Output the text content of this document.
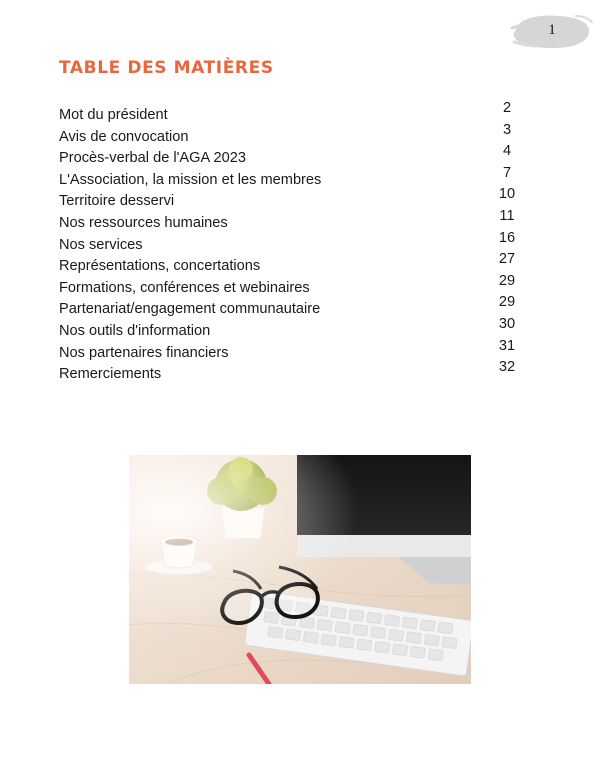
1
TABLE DES MATIÈRES
Mot du président	2
Avis de convocation	3
Procès-verbal de l'AGA 2023	4
L'Association, la mission et les membres	7
Territoire desservi	10
Nos ressources humaines	11
Nos services	16
Représentations, concertations	27
Formations, conférences et webinaires	29
Partenariat/engagement communautaire	29
Nos outils d'information	30
Nos partenaires financiers	31
Remerciements	32
